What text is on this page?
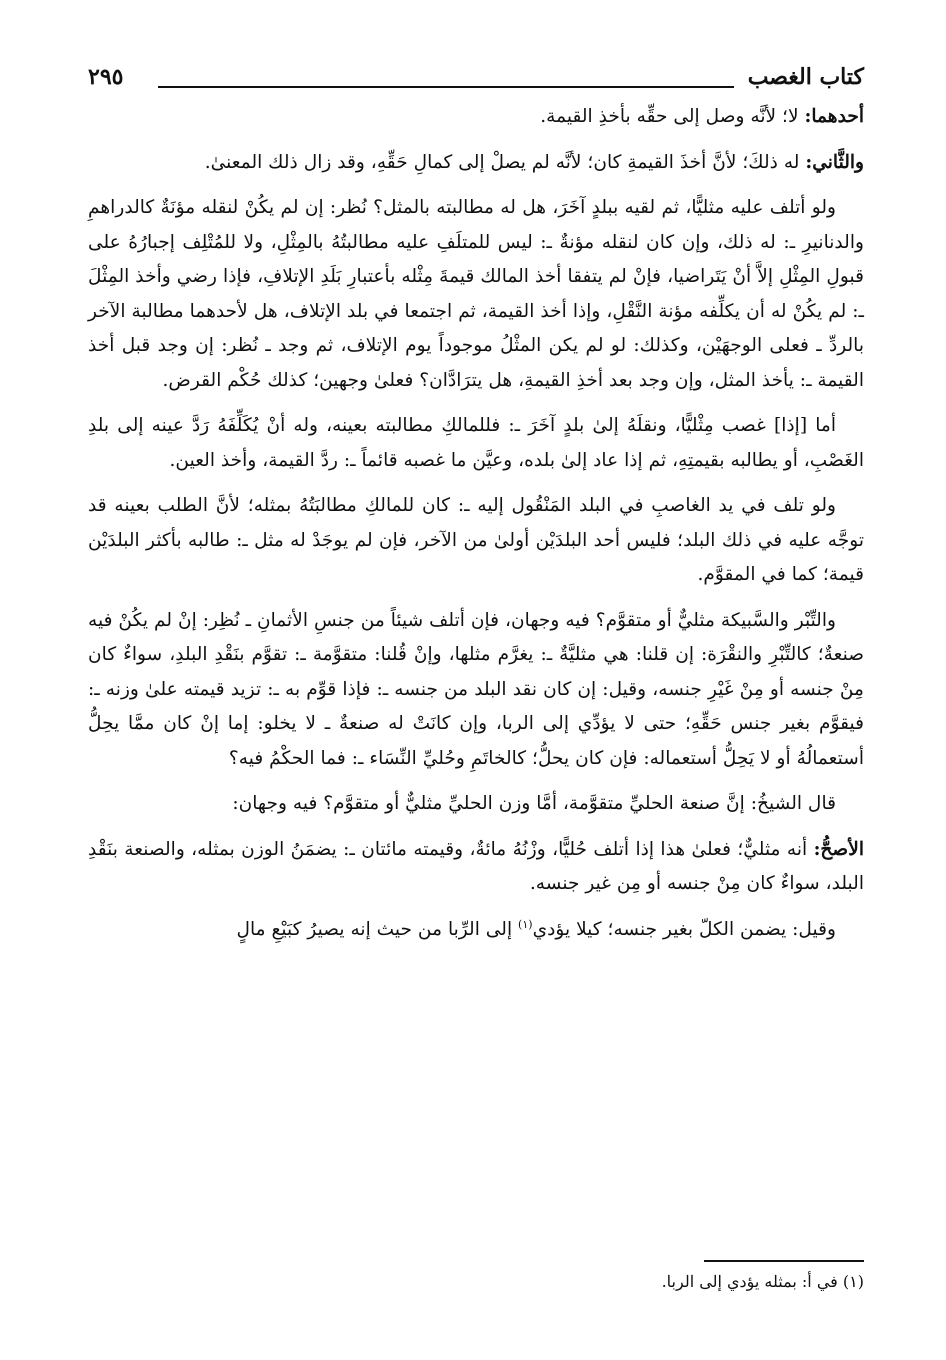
كتاب الغصب
٢٩٥

أحدهما: لا؛ لأنَّه وصل إلى حقِّه بأخذِ القيمة.

والثَّاني: له ذلكَ؛ لأنَّ أخذَ القيمةِ كان؛ لأنَّه لم يصلْ إلى كمالِ حَقِّهِ، وقد زال ذلك المعنىٰ.

ولو أتلف عليه مثليًّا، ثم لقيه ببلدٍ آخَرَ، هل له مطالبته بالمثل؟ نُظر: إن لم يكُنْ لنقله مؤنَةٌ كالدراهمِ والدنانيرِ ـ: له ذلك، وإن كان لنقله مؤنةٌ ـ: ليس للمتلَفِ عليه مطالبتُهُ بالمِثْلِ، ولا للمُتْلِف إجبارُهُ على قبولِ المِثْلِ إلاَّ أنْ يَتَراضيا، فإنْ لم يتفقا أخذ المالك قيمةَ مِثْله بأعتبارِ بَلَدِ الإتلافِ، فإذا رضي وأخذ المِثْلَ ـ: لم يكُنْ له أن يكلِّفه مؤنة النَّقْلِ، وإذا أخذ القيمة، ثم اجتمعا في بلد الإتلاف، هل لأحدهما مطالبة الآخر بالردِّ ـ فعلى الوجهَيْن، وكذلك: لو لم يكن المثْلُ موجوداً يوم الإتلاف، ثم وجد ـ نُظر: إن وجد قبل أخذ القيمة ـ: يأخذ المثل، وإن وجد بعد أخذِ القيمةِ، هل يترَادَّان؟ فعلىٰ وجهين؛ كذلك حُكْم القرض.

أما [إذا] غصب مِثْليًّا، ونقلَهُ إلىٰ بلدٍ آخَرَ ـ: فللمالكِ مطالبته بعينه، وله أنْ يُكَلِّفَهُ رَدَّ عينه إلى بلدِ الغَصْبِ، أو يطالبه بقيمتِهِ، ثم إذا عاد إلىٰ بلده، وعيَّن ما غصبه قائماً ـ: ردَّ القيمة، وأخذ العين.

ولو تلف في يد الغاصبِ في البلد المَنْقُول إليه ـ: كان للمالكِ مطالبَتُهُ بمثله؛ لأنَّ الطلب بعينه قد توجَّه عليه في ذلك البلد؛ فليس أحد البلدَيْن أولىٰ من الآخر، فإن لم يوجَدْ له مثل ـ: طالبه بأكثر البلدَيْن قيمة؛ كما في المقوَّم.

والتِّبْر والسَّبيكة مثليٌّ أو متقوَّم؟ فيه وجهان، فإن أتلف شيئاً من جنسِ الأثمانِ ـ نُظِر: إنْ لم يكُنْ فيه صنعةٌ؛ كالتِّبْرِ والنقْرَة: إن قلنا: هي مثليَّةٌ ـ: يغرَّم مثلها، وإنْ قُلنا: متقوَّمة ـ: تقوَّم بنَقْدِ البلدِ، سواءٌ كان مِنْ جنسه أو مِنْ غَيْرِ جنسه، وقيل: إن كان نقد البلد من جنسه ـ: فإذا قوِّم به ـ: تزيد قيمته علىٰ وزنه ـ: فيقوَّم بغير جنس حَقِّهِ؛ حتى لا يؤدِّي إلى الربا، وإن كانَتْ له صنعةٌ ـ لا يخلو: إما إنْ كان ممَّا يحِلُّ أستعمالُهُ أو لا يَحِلُّ أستعماله: فإن كان يحلُّ؛ كالخاتَمِ وحُليِّ النِّسَاء ـ: فما الحكْمُ فيه؟

قال الشيخُ: إنَّ صنعة الحليِّ متقوَّمة، أمَّا وزن الحليِّ مثليٌّ أو متقوَّم؟ فيه وجهان:

الأصحُّ: أنه مثليٌّ؛ فعلىٰ هذا إذا أتلف حُليًّا، وزْنُهُ مائةٌ، وقيمته مائتان ـ: يضمَنُ الوزن بمثله، والصنعة بنَقْدِ البلد، سواءٌ كان مِنْ جنسه أو مِن غير جنسه.

وقيل: يضمن الكلّ بغير جنسه؛ كيلا يؤدي$^{(١)}$ إلى الرِّبا من حيث إنه يصيرُ كبَيْعِ مالٍ

(١) في أ: بمثله يؤدي إلى الربا.
